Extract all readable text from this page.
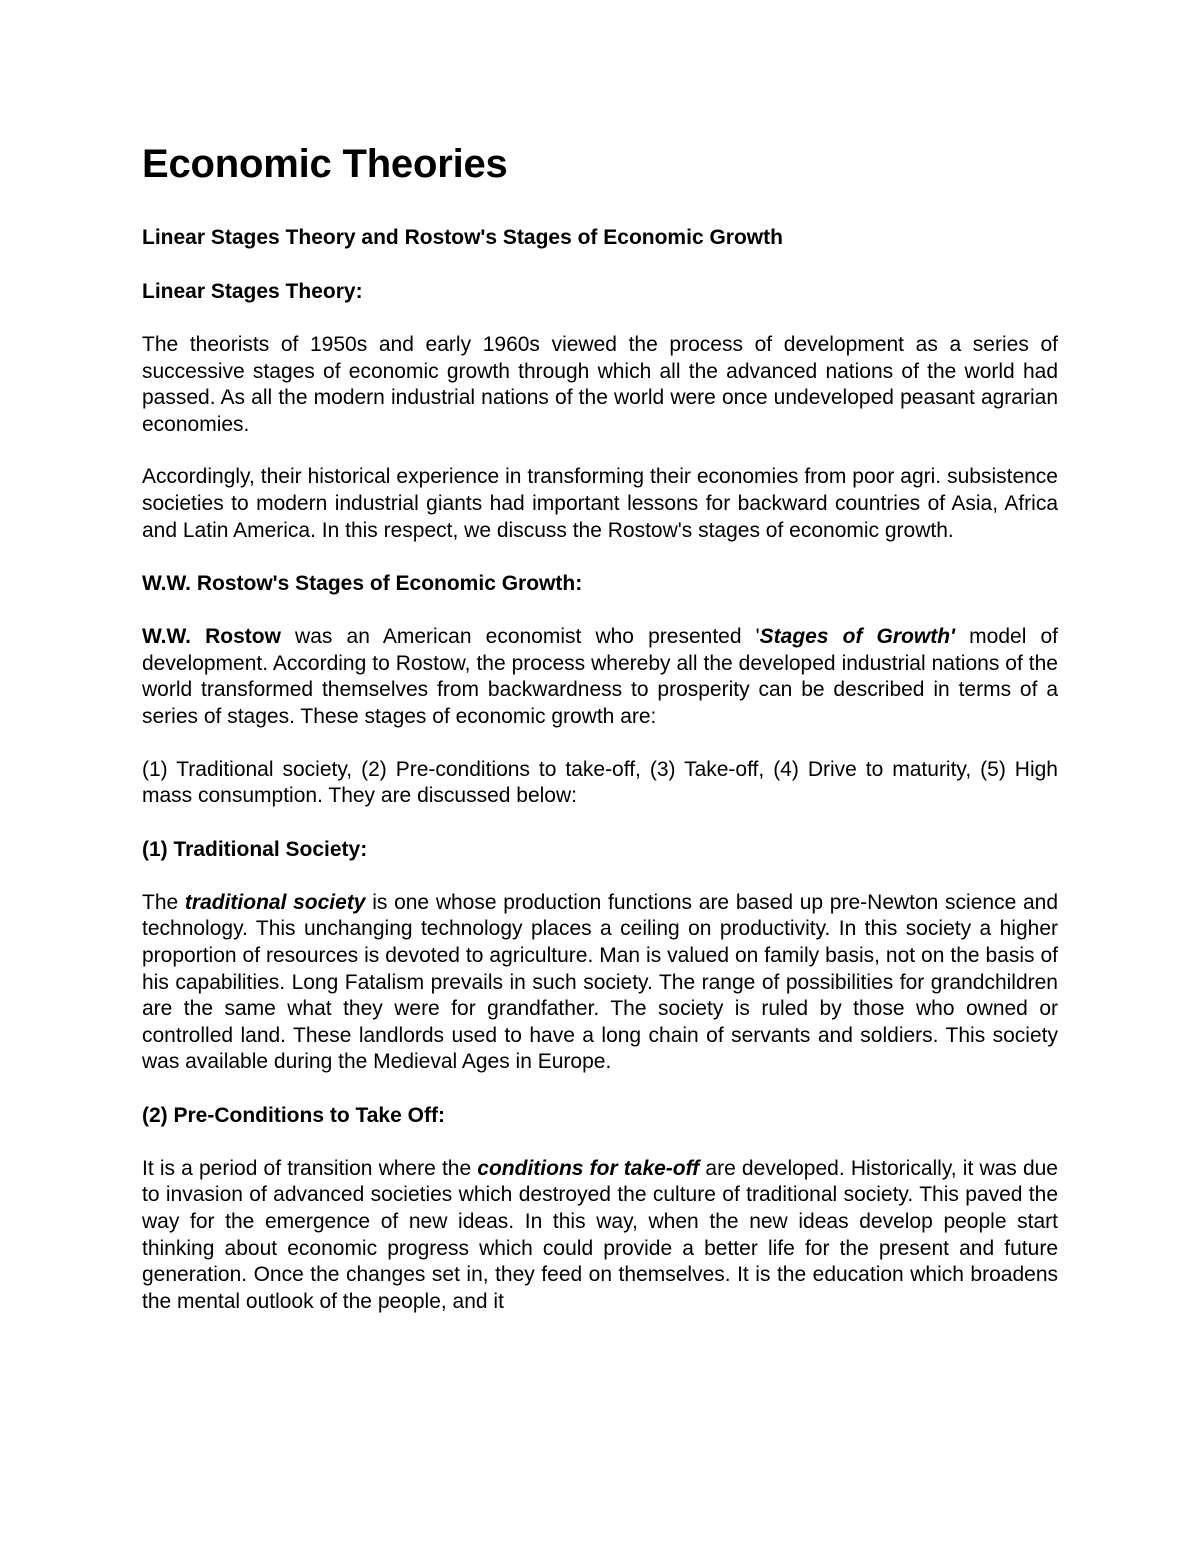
Economic Theories
Linear Stages Theory and Rostow's Stages of Economic Growth
Linear Stages Theory:

The theorists of 1950s and early 1960s viewed the process of development as a series of successive stages of economic growth through which all the advanced nations of the world had passed. As all the modern industrial nations of the world were once undeveloped peasant agrarian economies.

Accordingly, their historical experience in transforming their economies from poor agri. subsistence societies to modern industrial giants had important lessons for backward countries of Asia, Africa and Latin America. In this respect, we discuss the Rostow's stages of economic growth.

W.W. Rostow's Stages of Economic Growth:

W.W. Rostow was an American economist who presented 'Stages of Growth' model of development. According to Rostow, the process whereby all the developed industrial nations of the world transformed themselves from backwardness to prosperity can be described in terms of a series of stages. These stages of economic growth are:

(1) Traditional society, (2) Pre-conditions to take-off, (3) Take-off, (4) Drive to maturity, (5) High mass consumption. They are discussed below:

(1) Traditional Society:

The traditional society is one whose production functions are based up pre-Newton science and technology. This unchanging technology places a ceiling on productivity. In this society a higher proportion of resources is devoted to agriculture. Man is valued on family basis, not on the basis of his capabilities. Long Fatalism prevails in such society. The range of possibilities for grandchildren are the same what they were for grandfather. The society is ruled by those who owned or controlled land. These landlords used to have a long chain of servants and soldiers. This society was available during the Medieval Ages in Europe.

(2) Pre-Conditions to Take Off:

It is a period of transition where the conditions for take-off are developed. Historically, it was due to invasion of advanced societies which destroyed the culture of traditional society. This paved the way for the emergence of new ideas. In this way, when the new ideas develop people start thinking about economic progress which could provide a better life for the present and future generation. Once the changes set in, they feed on themselves. It is the education which broadens the mental outlook of the people, and it
